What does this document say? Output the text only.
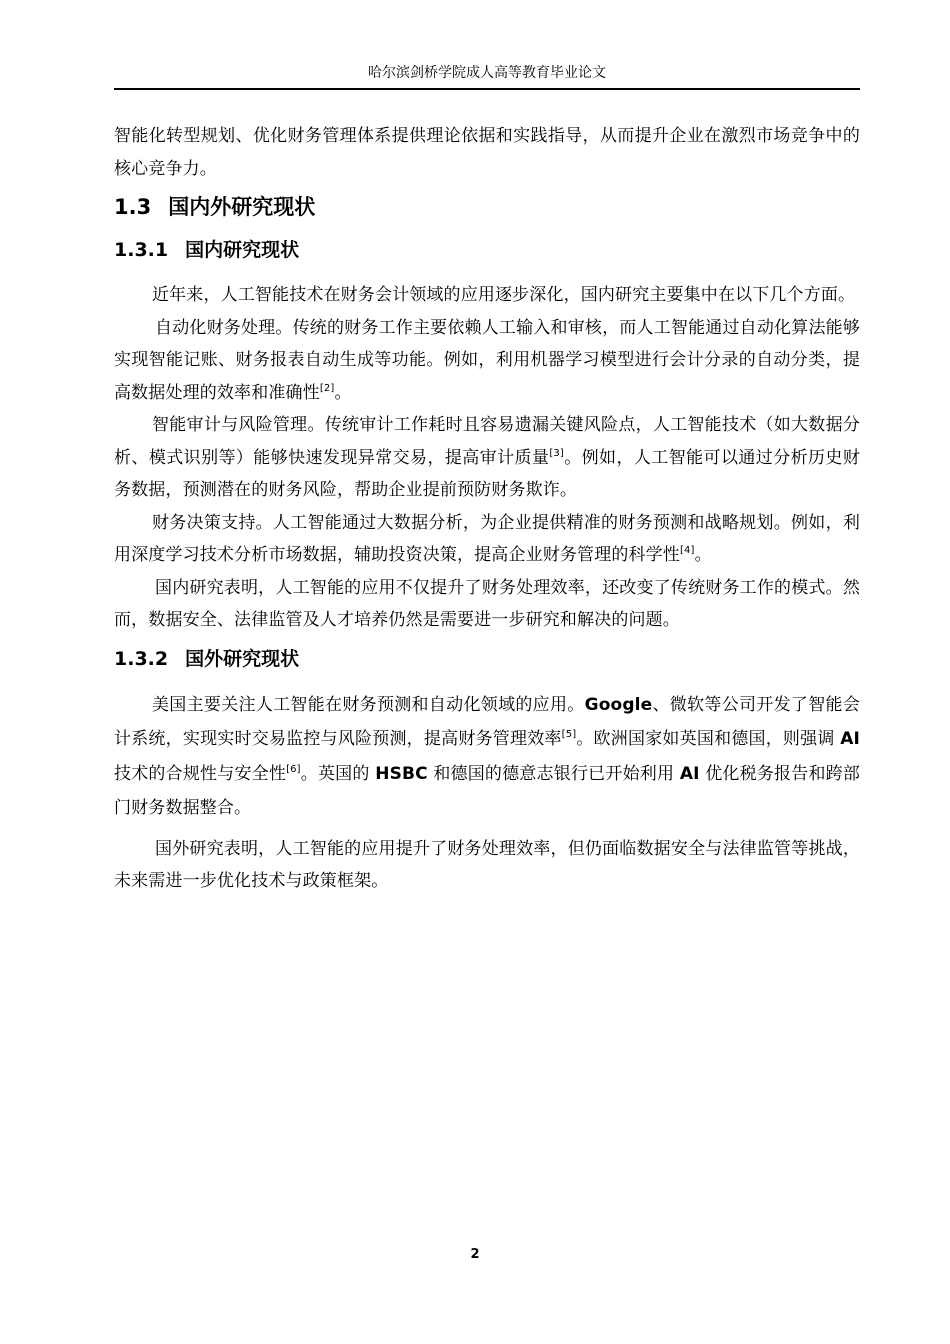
哈尔滨剑桥学院成人高等教育毕业论文

智能化转型规划、优化财务管理体系提供理论依据和实践指导，从而提升企业在激烈市场竞争中的核心竞争力。

1.3 国内外研究现状
1.3.1 国内研究现状

近年来，人工智能技术在财务会计领域的应用逐步深化，国内研究主要集中在以下几个方面。

自动化财务处理。传统的财务工作主要依赖人工输入和审核，而人工智能通过自动化算法能够实现智能记账、财务报表自动生成等功能。例如，利用机器学习模型进行会计分录的自动分类，提高数据处理的效率和准确性[2]。

智能审计与风险管理。传统审计工作耗时且容易遗漏关键风险点，人工智能技术（如大数据分析、模式识别等）能够快速发现异常交易，提高审计质量[3]。例如，人工智能可以通过分析历史财务数据，预测潜在的财务风险，帮助企业提前预防财务欺诈。

财务决策支持。人工智能通过大数据分析，为企业提供精准的财务预测和战略规划。例如，利用深度学习技术分析市场数据，辅助投资决策，提高企业财务管理的科学性[4]。

国内研究表明，人工智能的应用不仅提升了财务处理效率，还改变了传统财务工作的模式。然而，数据安全、法律监管及人才培养仍然是需要进一步研究和解决的问题。

1.3.2 国外研究现状

美国主要关注人工智能在财务预测和自动化领域的应用。Google、微软等公司开发了智能会计系统，实现实时交易监控与风险预测，提高财务管理效率[5]。欧洲国家如英国和德国，则强调 AI 技术的合规性与安全性[6]。英国的 HSBC 和德国的德意志银行已开始利用 AI 优化税务报告和跨部门财务数据整合。

国外研究表明，人工智能的应用提升了财务处理效率，但仍面临数据安全与法律监管等挑战，未来需进一步优化技术与政策框架。

2
